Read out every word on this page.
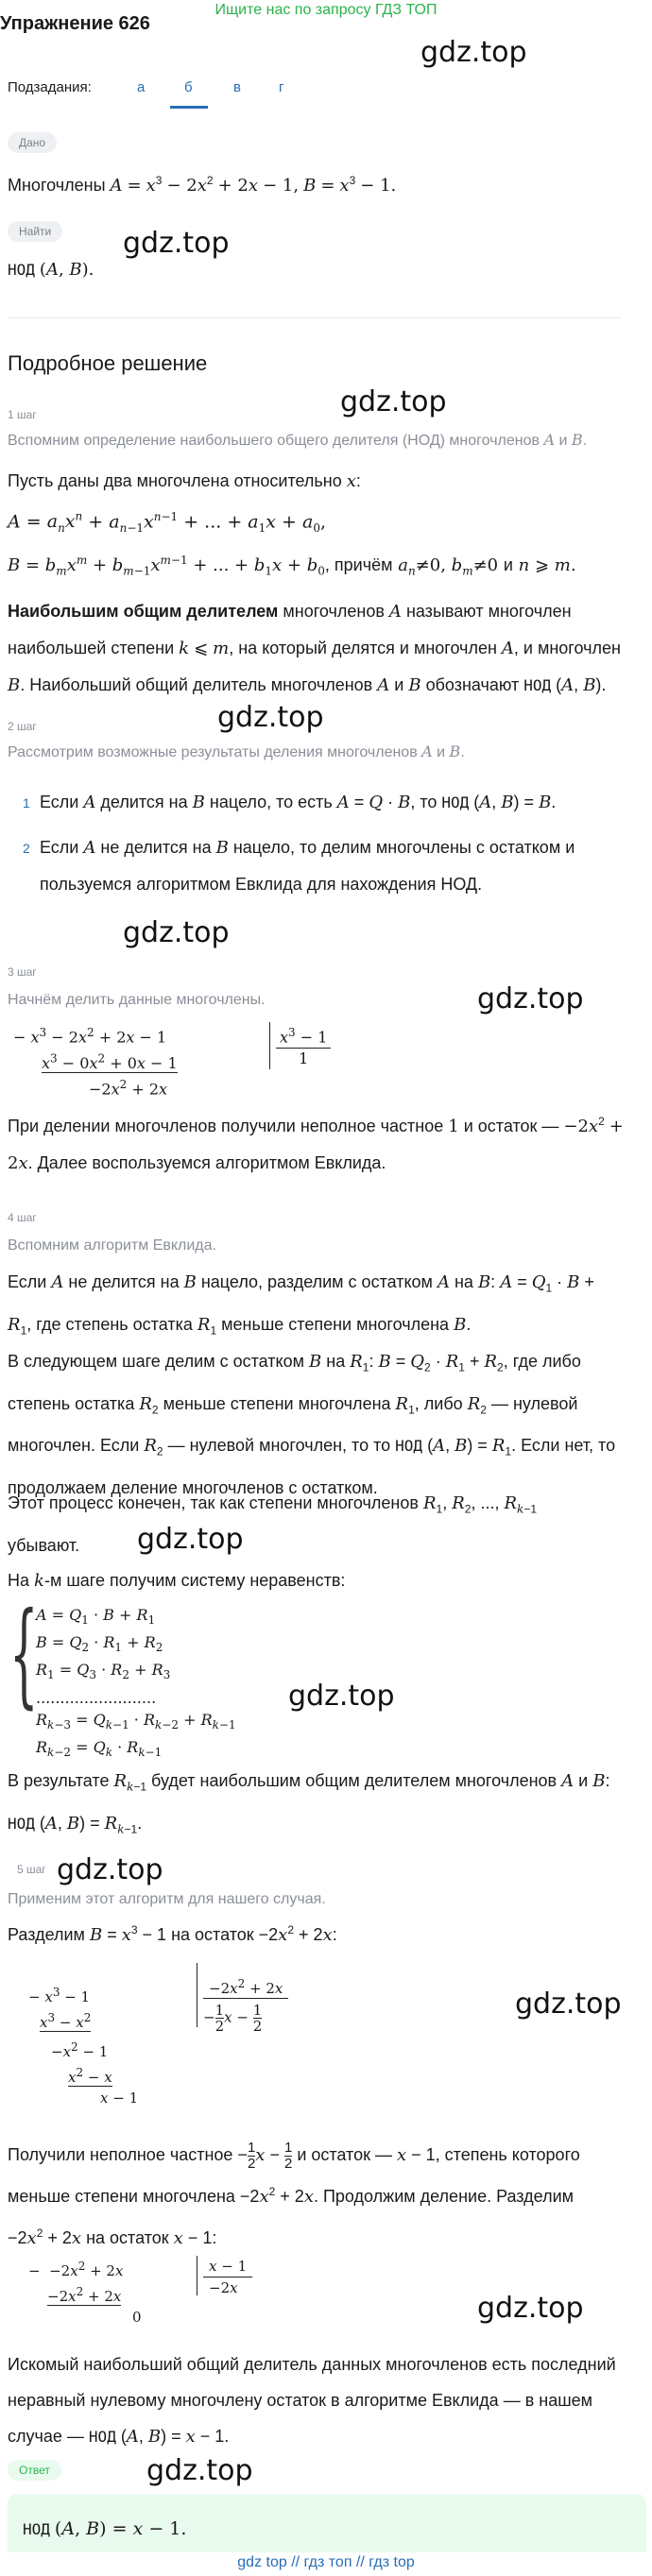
Ищите нас по запросу ГДЗ ТОП
Упражнение 626
gdz.top
Подзадания:	а	б	в	г
Дано
Многочлены $A = x^3 - 2x^2 + 2x - 1$, $B = x^3 - 1$.
Найти	gdz.top
НОД (A, B).
Подробное решение
gdz.top
1 шаг
Вспомним определение наибольшего общего делителя (НОД) многочленов A и B.
Пусть даны два многочлена относительно x:
$A = a_nx^n + a_{n-1}x^{n-1}$ + ... + $a_1x + a_0$,
$B = b_mx^m + b_{m-1}x^{m-1}$ + ... + $b_1x + b_0$, причём $a_n\ne 0$, $b_m\ne 0$ и n ⩾ m.
Наибольшим общим делителем многочленов A называют многочлен
наибольшей степени k ⩽ m, на который делятся и многочлен A, и многочлен
B. Наибольший общий делитель многочленов A и B обозначают НОД (A, B).
gdz.top
2 шаг
Рассмотрим возможные результаты деления многочленов A и B.
1 Если A делится на B нацело, то есть A = Q · B, то НОД (A, B) = B.
2 Если A не делится на B нацело, то делим многочлены с остатком и
пользуемся алгоритмом Евклида для нахождения НОД.
gdz.top
3 шаг
gdz.top
Начнём делить данные многочлены.
− $x^3 - 2x^2 + 2x - 1$
$x^3 - 0x^2 + 0x - 1$
$-2x^2 + 2x$
$x^3 - 1$
1
При делении многочленов получили неполное частное 1 и остаток — $-2x^2$ +
2x. Далее воспользуемся алгоритмом Евклида.
4 шаг
Вспомним алгоритм Евклида.
Если A не делится на B нацело, разделим с остатком A на B: $A = Q_1 \cdot B$ +
$R_1$, где степень остатка $R_1$ меньше степени многочлена B.
В следующем шаге делим с остатком B на $R_1$: $B = Q_2 \cdot R_1 + R_2$, где либо
степень остатка $R_2$ меньше степени многочлена $R_1$, либо $R_2$ — нулевой
многочлен. Если $R_2$ — нулевой многочлен, то то НОД (A, $B) = R_1$. Если нет, то
продолжаем деление многочленов с остатком.
Этот процесс конечен, так как степени многочленов $R_1$, $R_2$, ..., $R_{k-1}$
убывают.	gdz.top
На k-м шаге получим систему неравенств:
{
$A = Q_1 \cdot B + R_1$
$B = Q_2 \cdot R_1 + R_2$
$R_1 = Q_3 \cdot R_2 + R_3$
.........................
$R_{k-3} = Q_{k-1} \cdot R_{k-2} + R_{k-1}$
$R_{k-2} = Q_k \cdot R_{k-1}$
gdz.top
В результате $R_{k-1}$ будет наибольшим общим делителем многочленов A и B:
НОД (A, $B) = R_{k-1}$.
5 шаг gdz.top
Применим этот алгоритм для нашего случая.
Разделим $B = x^3 - 1$ на остаток $-2x^2 + 2x$:
− $x^3 - 1$
$x^3 - x^2$
$-x^2 - 1$
$x^2 - x$
x − 1
$-2x^2 + 2x$
− $\frac{1}{2}$ $x - \frac{1}{2}$	gdz.top
Получили неполное частное − $\frac{1}{2}$ $x - \frac{1}{2}$ и остаток — x − 1, степень которого
меньше степени многочлена $-2x^2 + 2x$. Продолжим деление. Разделим
$-2x^2 + 2x$ на остаток x − 1:
−  $-2x^2 + 2x$
$-2x^2 + 2x$
0
x − 1
−2x
gdz.top
Искомый наибольший общий делитель данных многочленов есть последний
неравный нулевому многочлену остаток в алгоритме Евклида — в нашем
случае — НОД (A, B) = x − 1.
Ответ	gdz.top
НОД (A, B) = x − 1.
gdz top // гдз топ // гдз top
